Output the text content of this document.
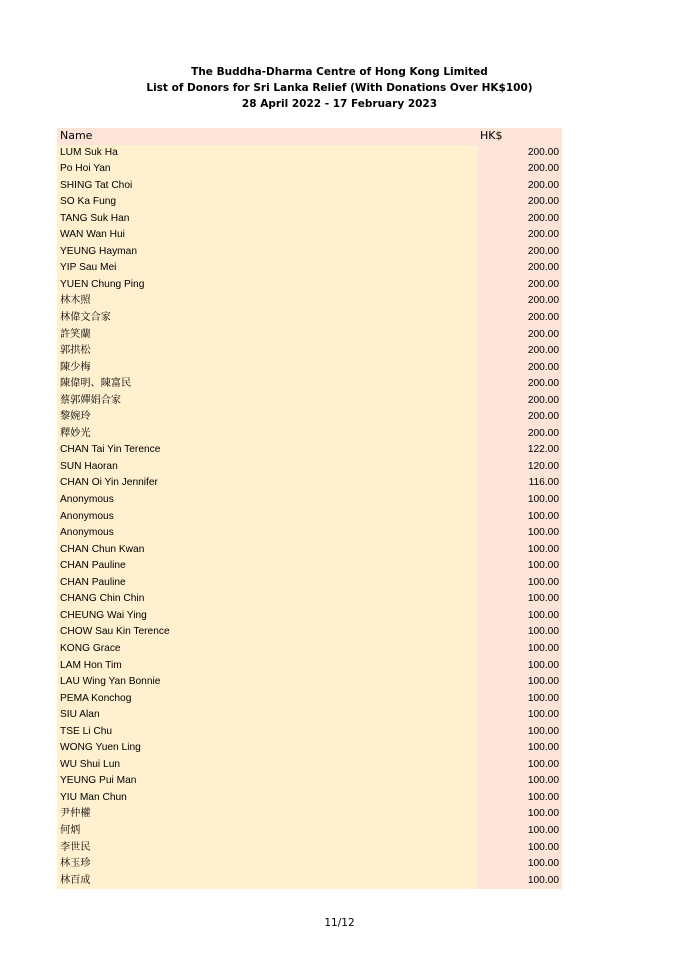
The Buddha-Dharma Centre of Hong Kong Limited
List of Donors for Sri Lanka Relief (With Donations Over HK$100)
28 April 2022 - 17 February 2023
Name	HK$
LUM Suk Ha	200.00
Po Hoi Yan	200.00
SHING Tat Choi	200.00
SO Ka Fung	200.00
TANG Suk Han	200.00
WAN Wan Hui	200.00
YEUNG Hayman	200.00
YIP Sau Mei	200.00
YUEN Chung Ping	200.00
林木照	200.00
林偉文合家	200.00
許笑蘭	200.00
郭拱松	200.00
陳少梅	200.00
陳偉明、陳富民	200.00
蔡郭嬋娟合家	200.00
黎婉玲	200.00
釋妙光	200.00
CHAN Tai Yin Terence	122.00
SUN Haoran	120.00
CHAN Oi Yin Jennifer	116.00
Anonymous	100.00
Anonymous	100.00
Anonymous	100.00
CHAN Chun Kwan	100.00
CHAN Pauline	100.00
CHAN Pauline	100.00
CHANG Chin Chin	100.00
CHEUNG Wai Ying	100.00
CHOW Sau Kin Terence	100.00
KONG Grace	100.00
LAM Hon Tim	100.00
LAU Wing Yan Bonnie	100.00
PEMA Konchog	100.00
SIU Alan	100.00
TSE Li Chu	100.00
WONG Yuen Ling	100.00
WU Shui Lun	100.00
YEUNG Pui Man	100.00
YIU Man Chun	100.00
尹仲權	100.00
何炳	100.00
李世民	100.00
林玉珍	100.00
林百成	100.00
11/12
